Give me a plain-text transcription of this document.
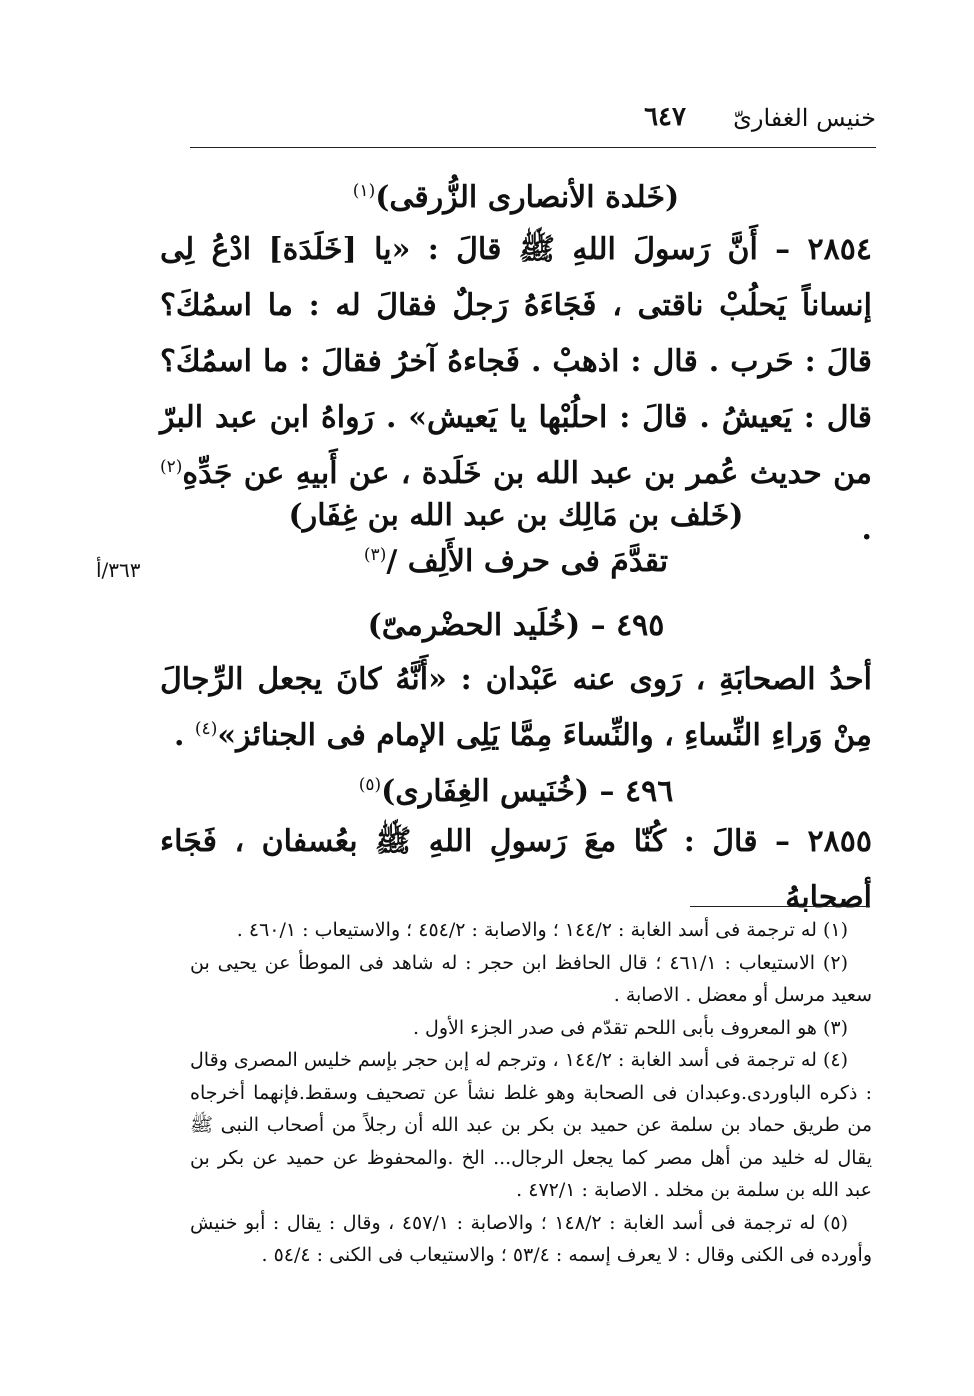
خنيس الغفارىّ
٦٤٧
٣٦٣/أ
(خَلدة الأنصارى الزُّرقى)$^{(١)}$
٢٨٥٤ – أَنَّ رَسولَ اللهِ ﷺ قالَ : «يا [خَلَدَة] ادْعُ لِى إنساناً يَحلُبْ ناقتى ، فَجَاءَهُ رَجلٌ فقالَ له : ما اسمُكَ؟ قالَ : حَرب . قال : اذهبْ . فَجاءهُ آخرُ فقالَ : ما اسمُكَ؟ قال : يَعيشُ . قالَ : احلُبْها يا يَعيش» . رَواهُ ابن عبد البرّ من حديث عُمر بن عبد الله بن خَلَدة ، عن أَبيهِ عن جَدِّهِ$^{(٢)}$ .
(خَلف بن مَالِك بن عبد الله بن غِفَار)
تقدَّمَ فى حرف الأَلِف /$^{(٣)}$
٤٩٥ – (خُلَيد الحضْرمىّ)
أحدُ الصحابَةِ ، رَوى عنه عَبْدان : «أَنَّهُ كانَ يجعل الرِّجالَ مِنْ وَراءِ النِّساءِ ، والنِّساءَ مِمَّا يَلِى الإمام فى الجنائز»$^{(٤)}$ .
٤٩٦ – (خُنَيس الغِفَارى)$^{(٥)}$
٢٨٥٥ – قالَ : كُنّا معَ رَسولِ اللهِ ﷺ بعُسفان ، فَجَاء أصحابهُ

(١) له ترجمة فى أسد الغابة : ١٤٤/٢ ؛ والاصابة : ٤٥٤/٢ ؛ والاستيعاب : ٤٦٠/١ .

(٢) الاستيعاب : ٤٦١/١ ؛ قال الحافظ ابن حجر : له شاهد فى الموطأ عن يحيى بن سعيد مرسل أو معضل . الاصابة .

(٣) هو المعروف بأبى اللحم تقدّم فى صدر الجزء الأول .

(٤) له ترجمة فى أسد الغابة : ١٤٤/٢ ، وترجم له إبن حجر بإسم خليس المصرى وقال : ذكره الباوردى.وعبدان فى الصحابة وهو غلط نشأ عن تصحيف وسقط.فإنهما أخرجاه من طريق حماد بن سلمة عن حميد بن بكر بن عبد الله أن رجلاً من أصحاب النبى ﷺ يقال له خليد من أهل مصر كما يجعل الرجال... الخ .والمحفوظ عن حميد عن بكر بن عبد الله بن سلمة بن مخلد . الاصابة : ٤٧٢/١ .

(٥) له ترجمة فى أسد الغابة : ١٤٨/٢ ؛ والاصابة : ٤٥٧/١ ، وقال : يقال : أبو خنيش وأورده فى الكنى وقال : لا يعرف إسمه : ٥٣/٤ ؛ والاستيعاب فى الكنى : ٥٤/٤ .
